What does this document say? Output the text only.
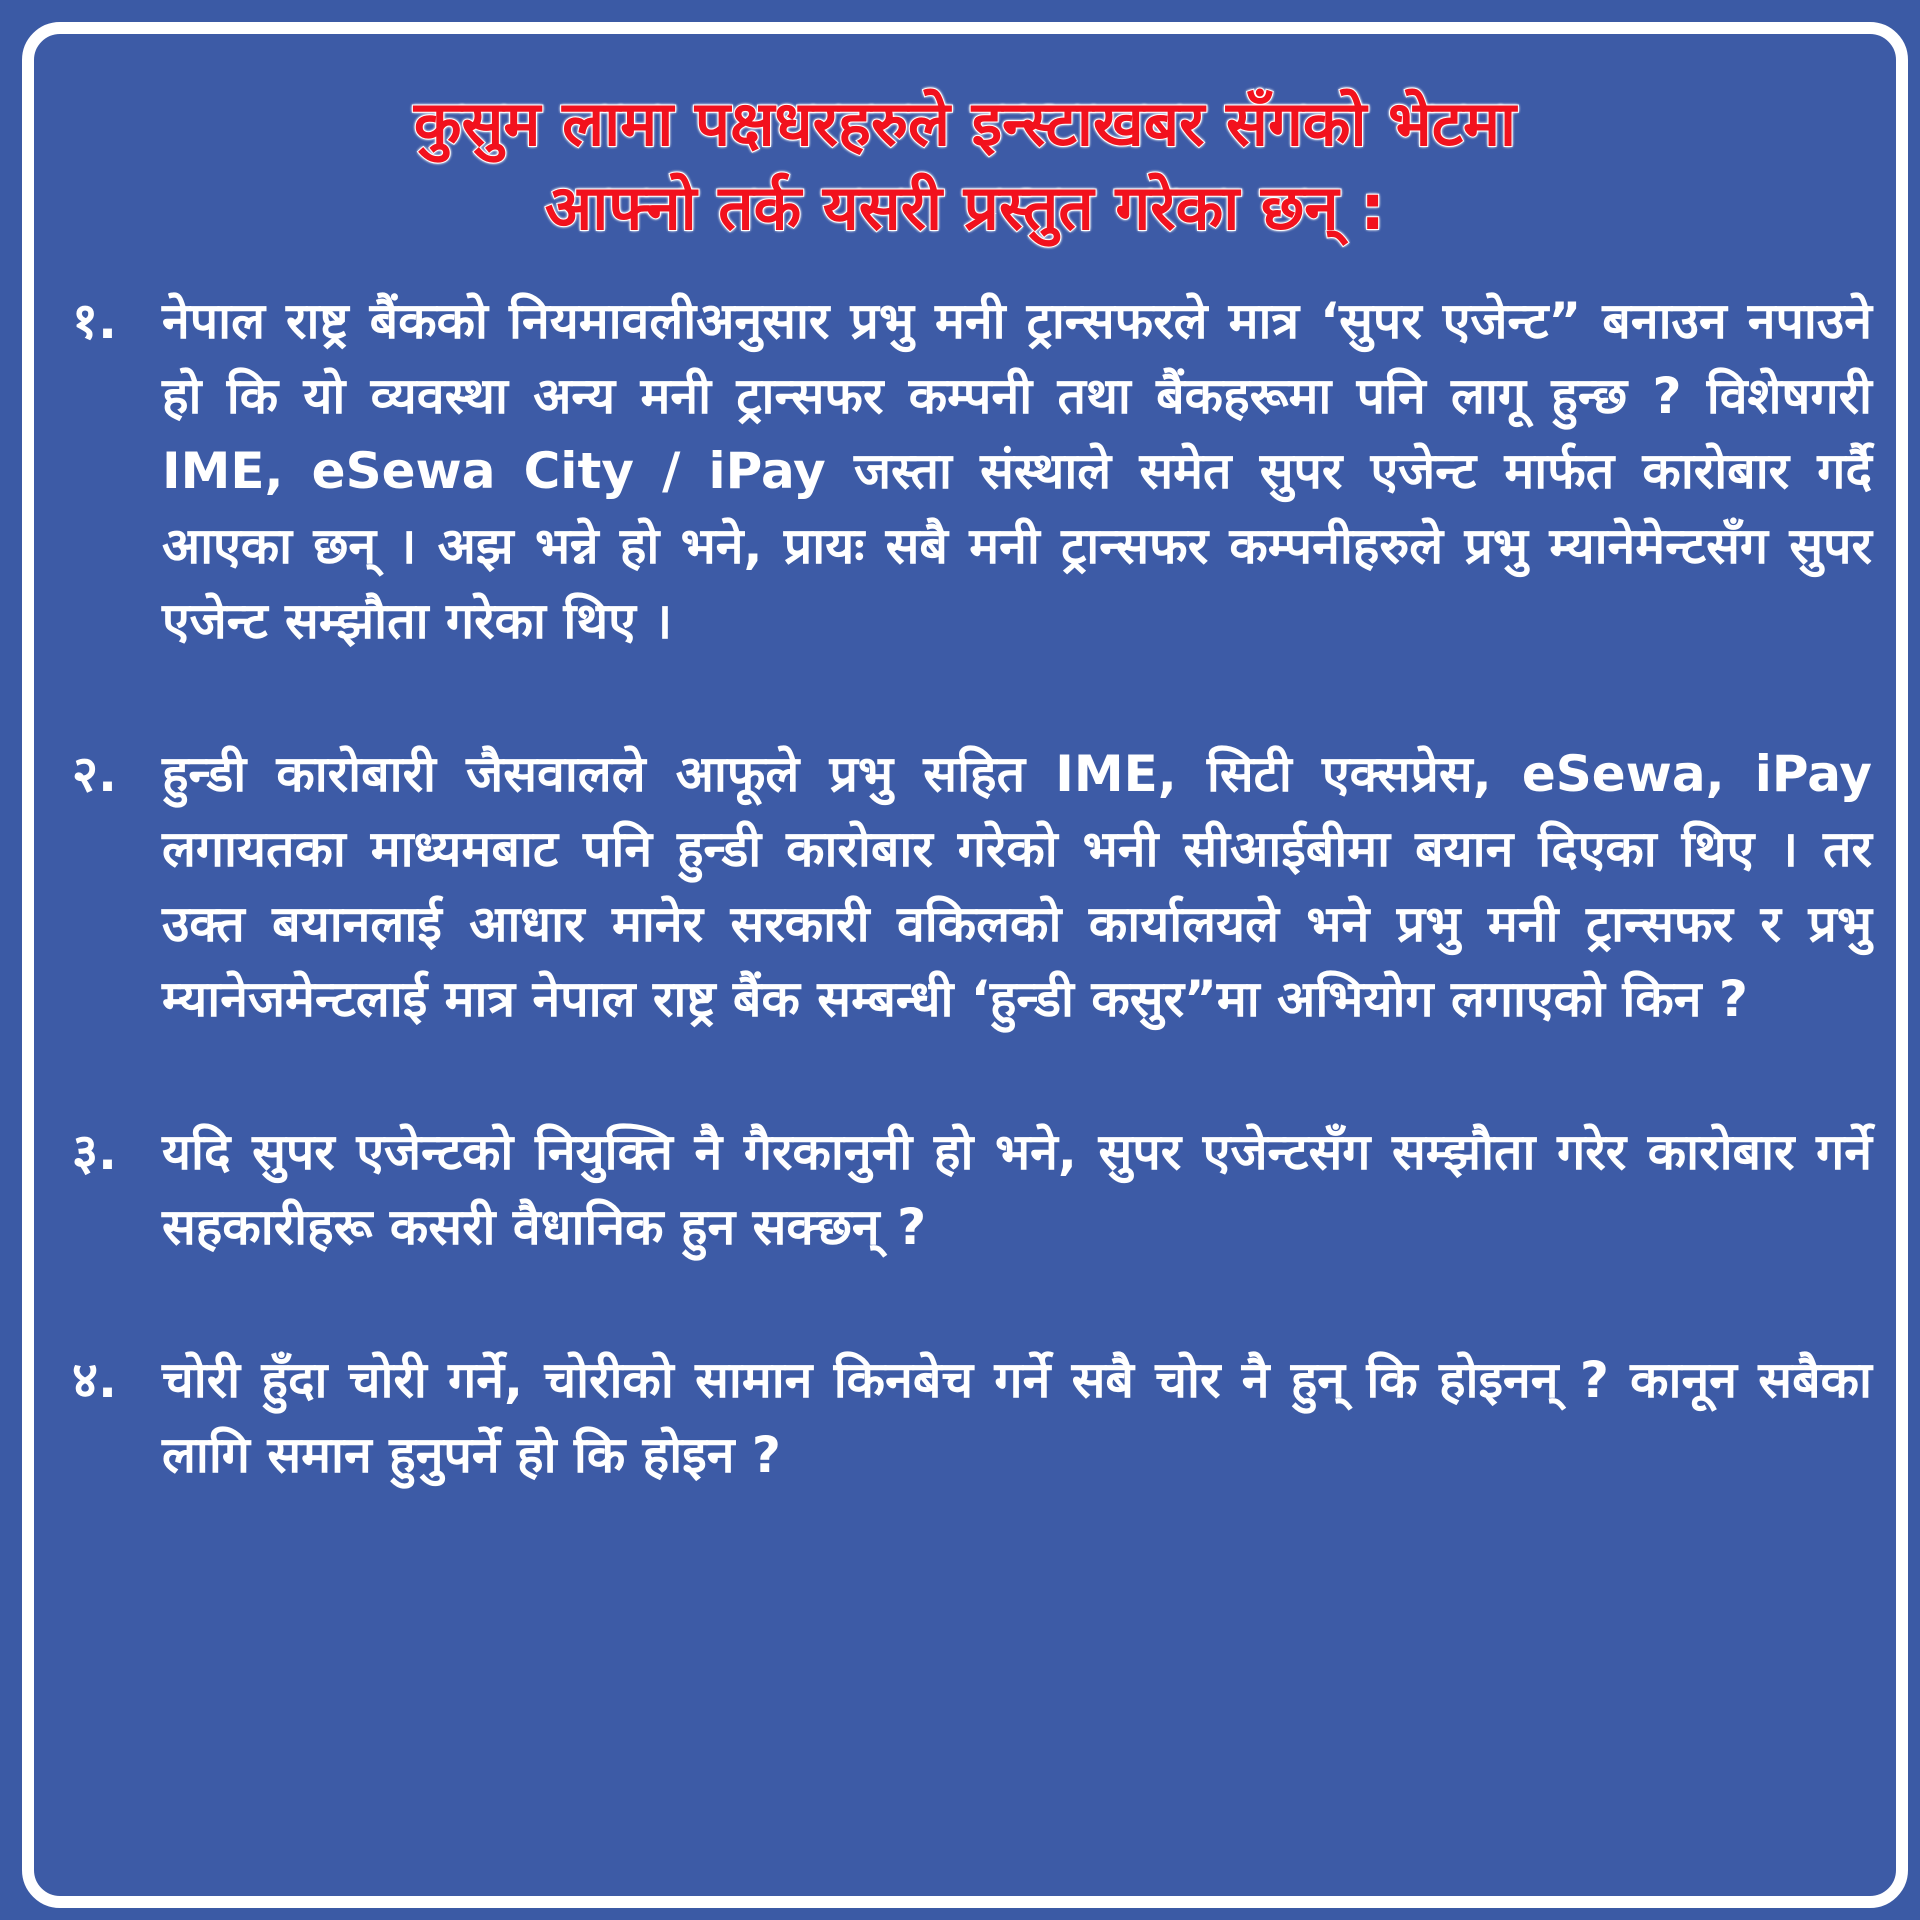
कुसुम लामा पक्षधरहरुले इन्स्टाखबर सँगको भेटमा
आफ्नो तर्क यसरी प्रस्तुत गरेका छन् :
१. नेपाल राष्ट्र बैंकको नियमावलीअनुसार प्रभु मनी ट्रान्सफरले मात्र ‘सुपर एजेन्ट” बनाउन नपाउने हो कि यो व्यवस्था अन्य मनी ट्रान्सफर कम्पनी तथा बैंकहरूमा पनि लागू हुन्छ ? विशेषगरी IME, eSewa City / iPay जस्ता संस्थाले समेत सुपर एजेन्ट मार्फत कारोबार गर्दै आएका छन् । अझ भन्ने हो भने, प्रायः सबै मनी ट्रान्सफर कम्पनीहरुले प्रभु म्यानेमेन्टसँग सुपर एजेन्ट सम्झौता गरेका थिए ।
२. हुन्डी कारोबारी जैसवालले आफूले प्रभु सहित IME, सिटी एक्सप्रेस, eSewa, iPay लगायतका माध्यमबाट पनि हुन्डी कारोबार गरेको भनी सीआईबीमा बयान दिएका थिए । तर उक्त बयानलाई आधार मानेर सरकारी वकिलको कार्यालयले भने प्रभु मनी ट्रान्सफर र प्रभु म्यानेजमेन्टलाई मात्र नेपाल राष्ट्र बैंक सम्बन्धी ‘हुन्डी कसुर”मा अभियोग लगाएको किन ?
३. यदि सुपर एजेन्टको नियुक्ति नै गैरकानुनी हो भने, सुपर एजेन्टसँग सम्झौता गरेर कारोबार गर्ने सहकारीहरू कसरी वैधानिक हुन सक्छन् ?
४. चोरी हुँदा चोरी गर्ने, चोरीको सामान किनबेच गर्ने सबै चोर नै हुन् कि होइनन् ? कानून सबैका लागि समान हुनुपर्ने हो कि होइन ?
